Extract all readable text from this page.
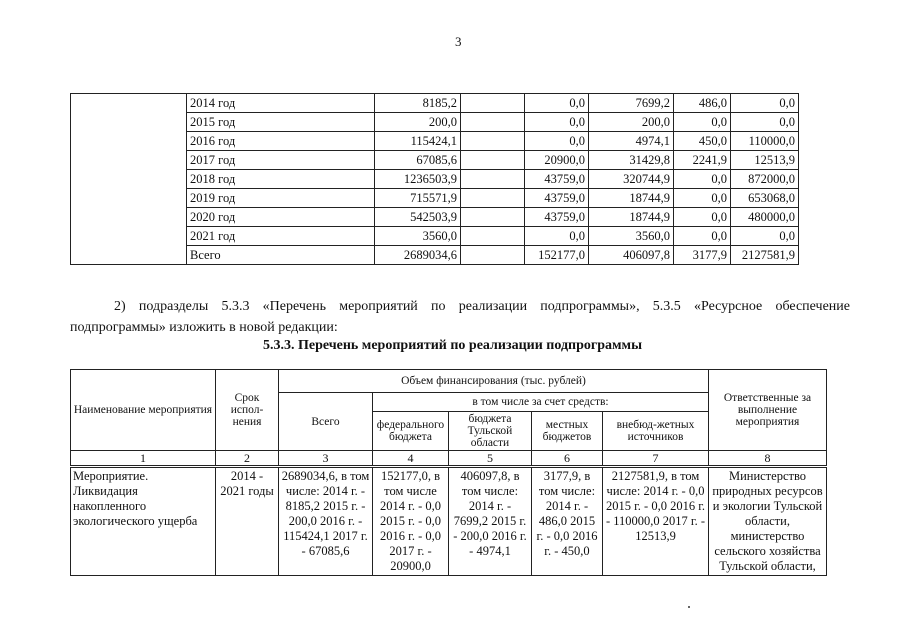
3
	2014 год	8185,2		0,0	7699,2	486,0	0,0
	2015 год	200,0		0,0	200,0	0,0	0,0
	2016 год	115424,1		0,0	4974,1	450,0	110000,0
	2017 год	67085,6		20900,0	31429,8	2241,9	12513,9
	2018 год	1236503,9		43759,0	320744,9	0,0	872000,0
	2019 год	715571,9		43759,0	18744,9	0,0	653068,0
	2020 год	542503,9		43759,0	18744,9	0,0	480000,0
	2021 год	3560,0		0,0	3560,0	0,0	0,0
	Всего	2689034,6		152177,0	406097,8	3177,9	2127581,9

2) подразделы 5.3.3 «Перечень мероприятий по реализации подпрограммы», 5.3.5 «Ресурсное обеспечение подпрограммы» изложить в новой редакции:

5.3.3. Перечень мероприятий по реализации подпрограммы
Наименование мероприятия	Срок испол-нения	Объем финансирования (тыс. рублей)					Ответственные за выполнение мероприятия
		Всего	в том числе за счет средств:				
			федерального бюджета	бюджета Тульской области	местных бюджетов	внебюд-жетных источников	
1	2	3	4	5	6	7	8
Мероприятие. Ликвидация накопленного экологического ущерба	2014 - 2021 годы	2689034,6, в том числе: 2014 г. - 8185,2 2015 г. - 200,0 2016 г. - 115424,1 2017 г. - 67085,6	152177,0, в том числе 2014 г. - 0,0 2015 г. - 0,0 2016 г. - 0,0 2017 г. - 20900,0	406097,8, в том числе: 2014 г. - 7699,2 2015 г. - 200,0 2016 г. - 4974,1	3177,9, в том числе: 2014 г. - 486,0 2015 г. - 0,0 2016 г. - 450,0	2127581,9, в том числе: 2014 г. - 0,0 2015 г. - 0,0 2016 г. - 110000,0 2017 г. - 12513,9	Министерство природных ресурсов и экологии Тульской области, министерство сельского хозяйства Тульской области,
